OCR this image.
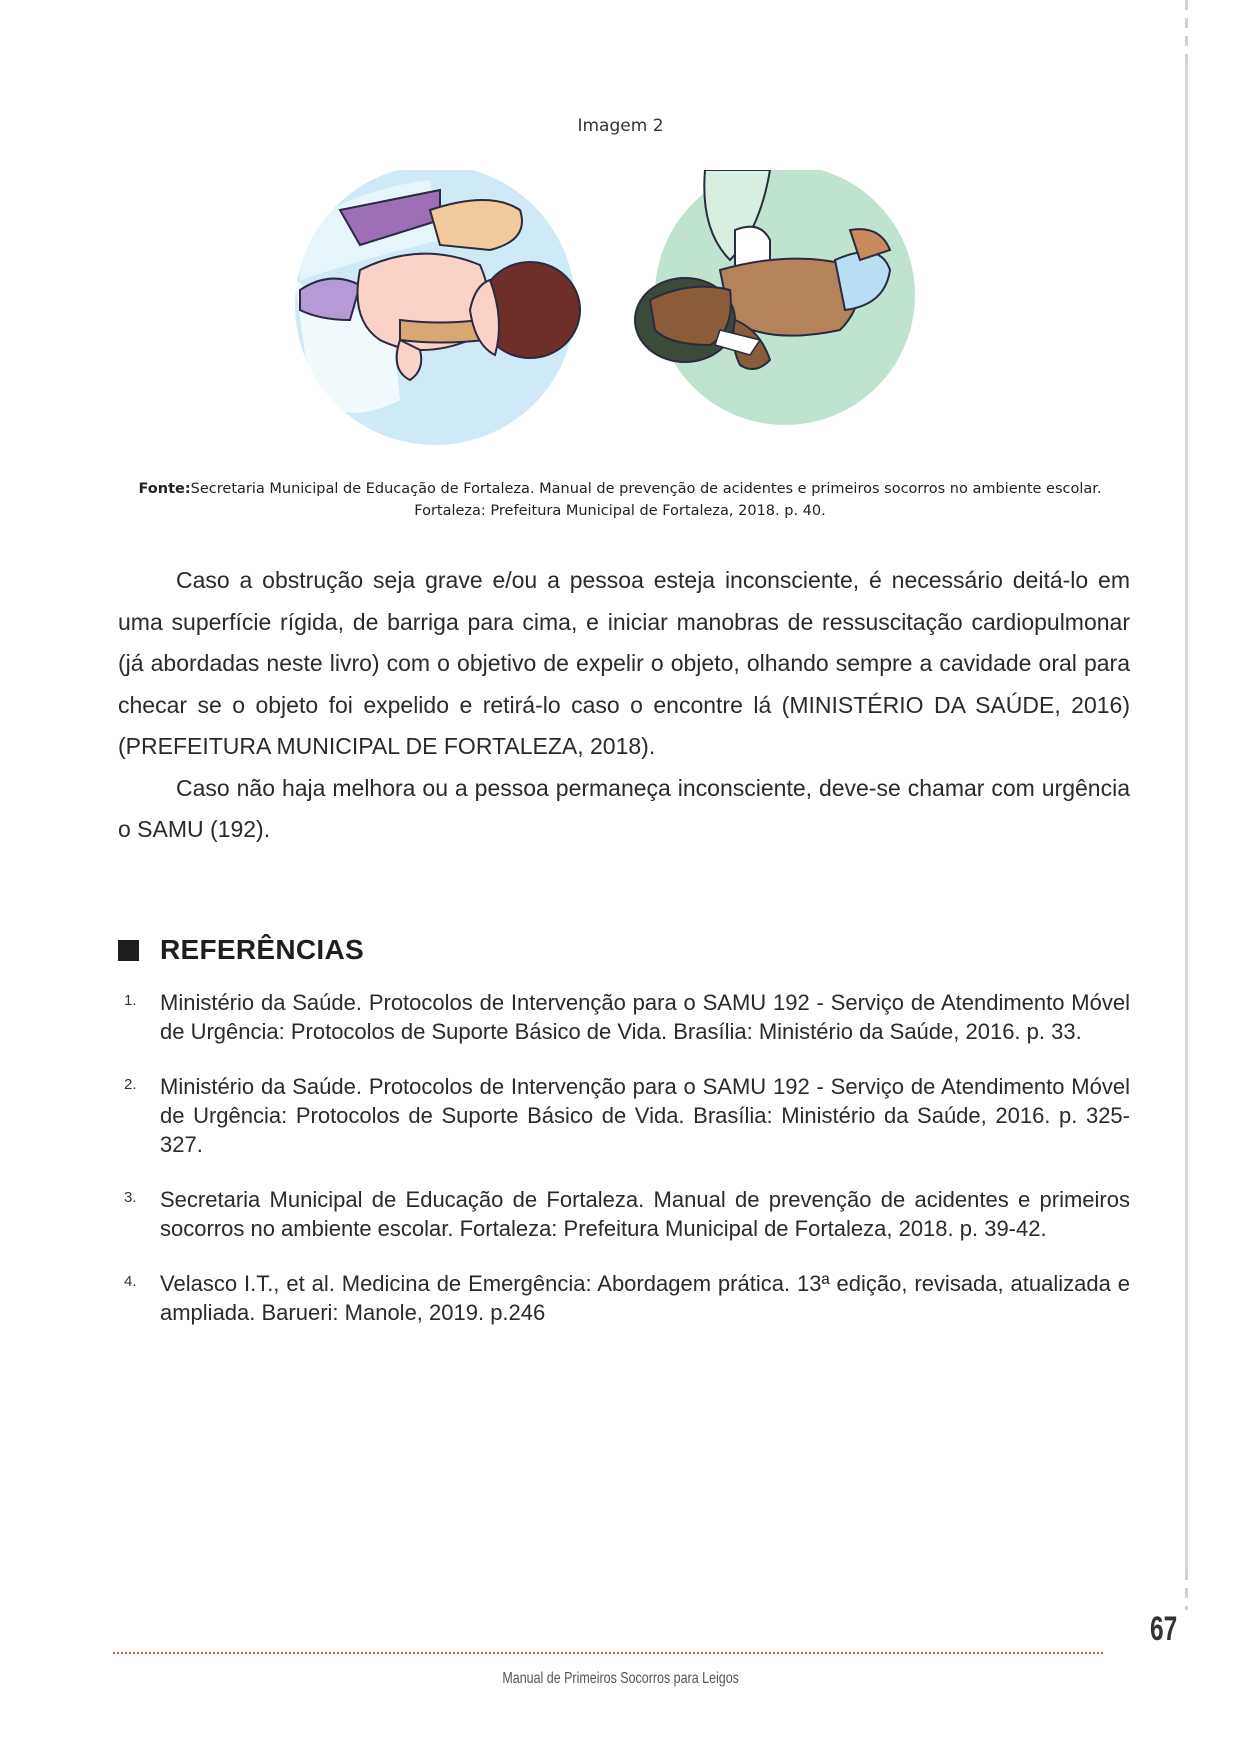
Imagem 2
Fonte:Secretaria Municipal de Educação de Fortaleza. Manual de prevenção de acidentes e primeiros socorros no ambiente escolar.
Fortaleza: Prefeitura Municipal de Fortaleza, 2018. p. 40.

Caso a obstrução seja grave e/ou a pessoa esteja inconsciente, é necessário deitá-lo em uma superfície rígida, de barriga para cima, e iniciar manobras de ressuscitação cardiopulmonar (já abordadas neste livro) com o objetivo de expelir o objeto, olhando sempre a cavidade oral para checar se o objeto foi expelido e retirá-lo caso o encontre lá (MINISTÉRIO DA SAÚDE, 2016) (PREFEITURA MUNICIPAL DE FORTALEZA, 2018).

Caso não haja melhora ou a pessoa permaneça inconsciente, deve-se chamar com urgência o SAMU (192).

REFERÊNCIAS
1.	Ministério da Saúde. Protocolos de Intervenção para o SAMU 192 - Serviço de Atendimento Móvel de Urgência: Protocolos de Suporte Básico de Vida. Brasília: Ministério da Saúde, 2016. p. 33.
2.	Ministério da Saúde. Protocolos de Intervenção para o SAMU 192 - Serviço de Atendimento Móvel de Urgência: Protocolos de Suporte Básico de Vida. Brasília: Ministério da Saúde, 2016. p. 325-327.
3.	Secretaria Municipal de Educação de Fortaleza. Manual de prevenção de acidentes e primeiros socorros no ambiente escolar. Fortaleza: Prefeitura Municipal de Fortaleza, 2018. p. 39-42.
4.	Velasco I.T., et al. Medicina de Emergência: Abordagem prática. 13ª edição, revisada, atualizada e ampliada. Barueri: Manole, 2019. p.246
67
Manual de Primeiros Socorros para Leigos
